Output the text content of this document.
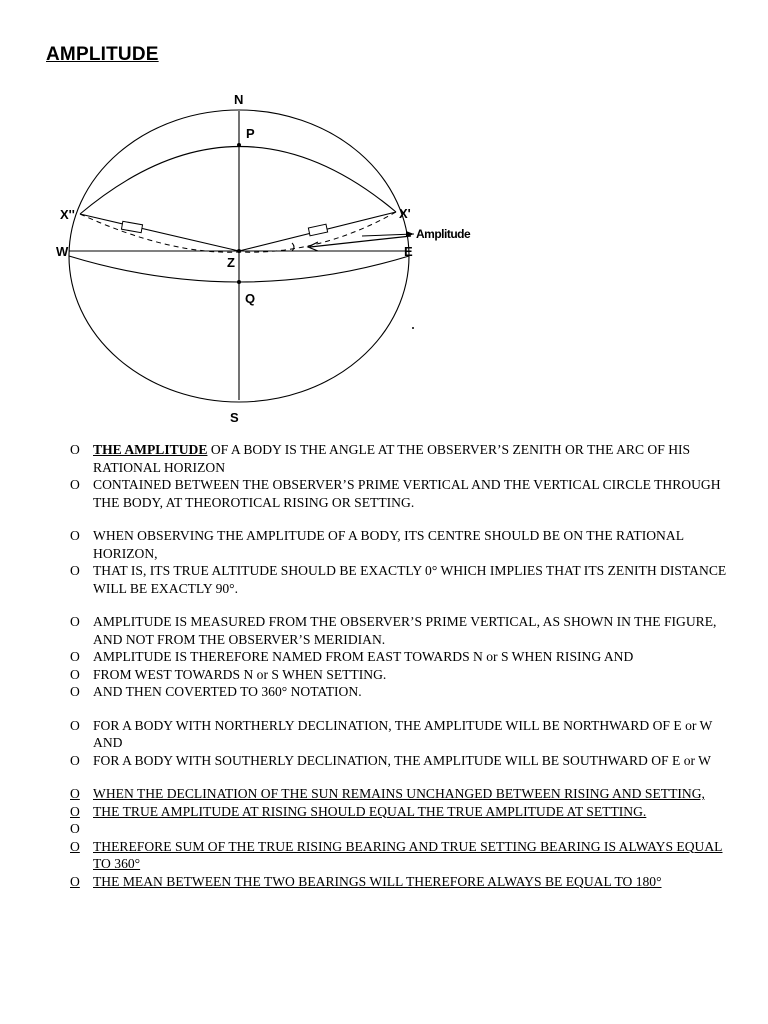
AMPLITUDE
N
P
X''	X'
W	E
Z
Q
S
Amplitude
O THE AMPLITUDE OF A BODY IS THE ANGLE AT THE OBSERVER’S ZENITH OR THE ARC OF HIS RATIONAL HORIZON
O CONTAINED BETWEEN THE OBSERVER’S PRIME VERTICAL AND THE VERTICAL CIRCLE THROUGH THE BODY, AT THEOROTICAL RISING OR SETTING.
O WHEN OBSERVING THE AMPLITUDE OF A BODY, ITS CENTRE SHOULD BE ON THE RATIONAL HORIZON,
O THAT IS, ITS TRUE ALTITUDE SHOULD BE EXACTLY 0° WHICH IMPLIES THAT ITS ZENITH DISTANCE WILL BE EXACTLY 90°.
O AMPLITUDE IS MEASURED FROM THE OBSERVER’S PRIME VERTICAL, AS SHOWN IN THE FIGURE, AND NOT FROM THE OBSERVER’S MERIDIAN.
O AMPLITUDE IS THEREFORE NAMED FROM EAST TOWARDS N or S WHEN RISING AND
O FROM WEST TOWARDS N or S WHEN SETTING.
O AND THEN COVERTED TO 360° NOTATION.
O FOR A BODY WITH NORTHERLY DECLINATION, THE AMPLITUDE WILL BE NORTHWARD OF E or W AND
O FOR A BODY WITH SOUTHERLY DECLINATION, THE AMPLITUDE WILL BE SOUTHWARD OF E or W
O WHEN THE DECLINATION OF THE SUN REMAINS UNCHANGED BETWEEN RISING AND SETTING,
O THE TRUE AMPLITUDE AT RISING SHOULD EQUAL THE TRUE AMPLITUDE AT SETTING.
O

O THEREFORE SUM OF THE TRUE RISING BEARING AND TRUE SETTING BEARING IS ALWAYS EQUAL TO 360°
O THE MEAN BETWEEN THE TWO BEARINGS WILL THEREFORE ALWAYS BE EQUAL TO 180°
